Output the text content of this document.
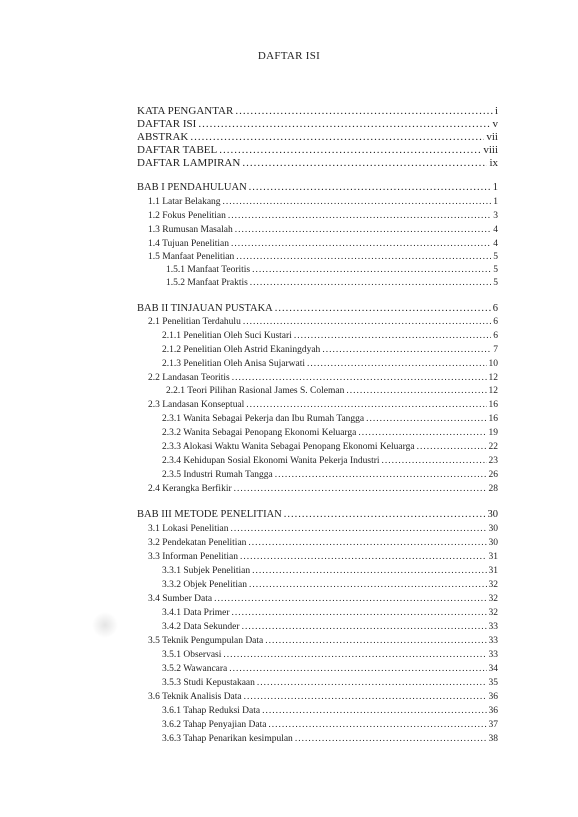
DAFTAR ISI
KATA PENGANTAR .....	i
DAFTAR ISI .....	v
ABSTRAK .....	vii
DAFTAR TABEL .....	viii
DAFTAR LAMPIRAN .....	ix
BAB I PENDAHULUAN .....	1
1.1 Latar Belakang .....	1
1.2 Fokus Penelitian .....	3
1.3 Rumusan Masalah .....	4
1.4 Tujuan Penelitian .....	4
1.5 Manfaat Penelitian .....	5
1.5.1 Manfaat Teoritis .....	5
1.5.2 Manfaat Praktis .....	5
BAB II TINJAUAN PUSTAKA .....	6
2.1 Penelitian Terdahulu .....	6
2.1.1 Penelitian Oleh Suci Kustari .....	6
2.1.2 Penelitian Oleh Astrid Ekaningdyah .....	7
2.1.3 Penelitian Oleh Anisa Sujarwati .....	10
2.2 Landasan Teoritis .....	12
2.2.1 Teori Pilihan Rasional James S. Coleman .....	12
2.3 Landasan Konseptual .....	16
2.3.1 Wanita Sebagai Pekerja dan Ibu Rumah Tangga .....	16
2.3.2 Wanita Sebagai Penopang Ekonomi Keluarga .....	19
2.3.3 Alokasi Waktu Wanita Sebagai Penopang Ekonomi Keluarga .....	22
2.3.4 Kehidupan Sosial Ekonomi Wanita Pekerja Industri .....	23
2.3.5 Industri Rumah Tangga .....	26
2.4 Kerangka Berfikir .....	28
BAB III METODE PENELITIAN .....	30
3.1 Lokasi Penelitian .....	30
3.2 Pendekatan Penelitian .....	30
3.3 Informan Penelitian .....	31
3.3.1 Subjek Penelitian .....	31
3.3.2 Objek Penelitian .....	32
3.4 Sumber Data .....	32
3.4.1 Data Primer .....	32
3.4.2 Data Sekunder .....	33
3.5 Teknik Pengumpulan Data .....	33
3.5.1 Observasi .....	33
3.5.2 Wawancara .....	34
3.5.3 Studi Kepustakaan .....	35
3.6 Teknik Analisis Data .....	36
3.6.1 Tahap Reduksi Data .....	36
3.6.2 Tahap Penyajian Data .....	37
3.6.3 Tahap Penarikan kesimpulan .....	38
